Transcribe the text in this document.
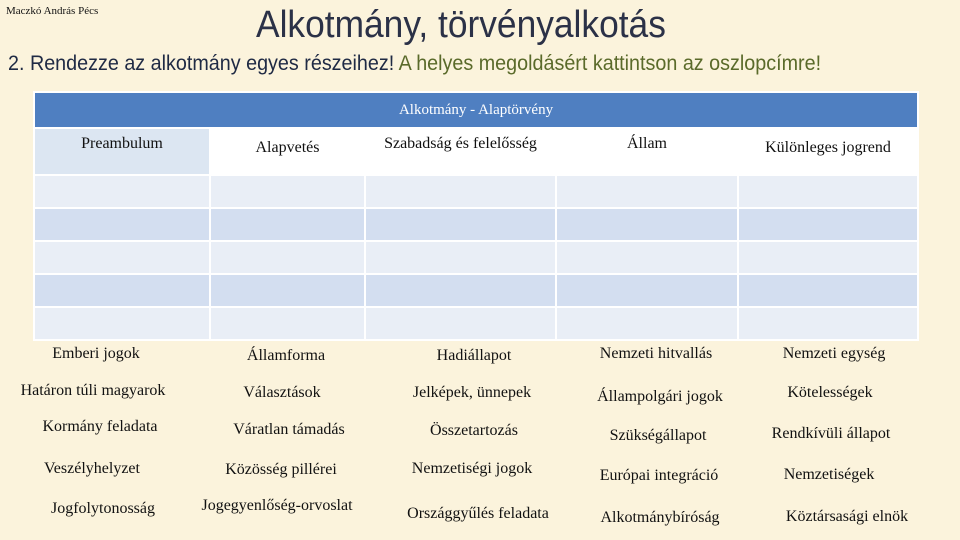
Maczkó András Pécs	Alkotmány, törvényalkotás
2. Rendezze az alkotmány egyes részeihez! A helyes megoldásért kattintson az oszlopcímre!
Alkotmány - Alaptörvény				
Preambulum	Alapvetés	Szabadság és felelősség	Állam	Különleges jogrend

Emberi jogok	Államforma	Hadiállapot	Nemzeti hitvallás	Nemzeti egység
Határon túli magyarok	Választások	Jelképek, ünnepek	Állampolgári jogok	Kötelességek
Kormány feladata	Váratlan támadás	Összetartozás	Szükségállapot	Rendkívüli állapot
Veszélyhelyzet	Közösség pillérei	Nemzetiségi jogok	Európai integráció	Nemzetiségek
Jogfolytonosság	Jogegyenlőség-orvoslat	Országgyűlés feladata	Alkotmánybíróság	Köztársasági elnök
